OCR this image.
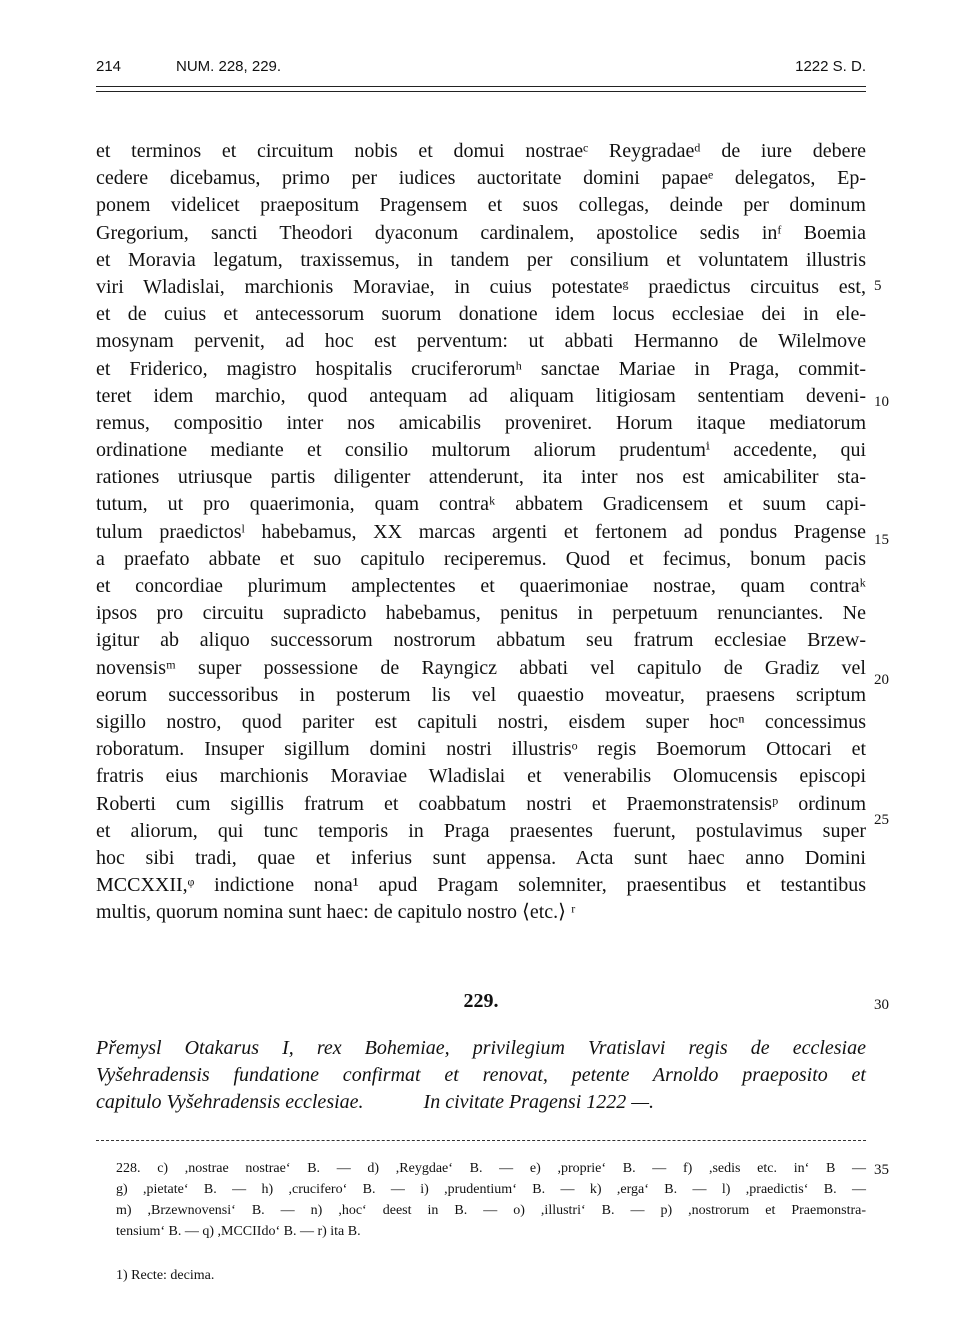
214	NUM. 228, 229.	1222 S. D.
et terminos et circuitum nobis et domui nostraeᶜ Reygradaeᵈ de iure debere
cedere dicebamus, primo per iudices auctoritate domini papaeᵉ delegatos, Ep-
ponem videlicet praepositum Pragensem et suos collegas, deinde per dominum
Gregorium, sancti Theodori dyaconum cardinalem, apostolice sedis inᶠ Boemia
et Moravia legatum, traxissemus, in tandem per consilium et voluntatem illustris
viri Wladislai, marchionis Moraviae, in cuius potestateᵍ praedictus circuitus est,
et de cuius et antecessorum suorum donatione idem locus ecclesiae dei in ele-
mosynam pervenit, ad hoc est perventum: ut abbati Hermanno de Wilelmove
et Friderico, magistro hospitalis cruciferorumʰ sanctae Mariae in Praga, commit-
teret idem marchio, quod antequam ad aliquam litigiosam sententiam deveni-
remus, compositio inter nos amicabilis proveniret. Horum itaque mediatorum
ordinatione mediante et consilio multorum aliorum prudentumⁱ accedente, qui
rationes utriusque partis diligenter attenderunt, ita inter nos est amicabiliter sta-
tutum, ut pro quaerimonia, quam contraᵏ abbatem Gradicensem et suum capi-
tulum praedictosˡ habebamus, XX marcas argenti et fertonem ad pondus Pragense
a praefato abbate et suo capitulo reciperemus. Quod et fecimus, bonum pacis
et concordiae plurimum amplectentes et quaerimoniae nostrae, quam contraᵏ
ipsos pro circuitu supradicto habebamus, penitus in perpetuum renunciantes. Ne
igitur ab aliquo successorum nostrorum abbatum seu fratrum ecclesiae Brzew-
novensisᵐ super possessione de Rayngicz abbati vel capitulo de Gradiz vel
eorum successoribus in posterum lis vel quaestio moveatur, praesens scriptum
sigillo nostro, quod pariter est capituli nostri, eisdem super hocⁿ concessimus
roboratum. Insuper sigillum domini nostri illustrisᵒ regis Boemorum Ottocari et
fratris eius marchionis Moraviae Wladislai et venerabilis Olomucensis episcopi
Roberti cum sigillis fratrum et coabbatum nostri et Praemonstratensisᵖ ordinum
et aliorum, qui tunc temporis in Praga praesentes fuerunt, postulavimus super
hoc sibi tradi, quae et inferius sunt appensa. Acta sunt haec anno Domini
MCCXXII,ᵠ indictione nona¹ apud Pragam solemniter, praesentibus et testantibus
multis, quorum nomina sunt haec: de capitulo nostro ⟨etc.⟩ ʳ
5
10
15
20
25
30
35
229.
Přemysl Otakarus I, rex Bohemiae, privilegium Vratislavi regis de ecclesiae
Vyšehradensis fundatione confirmat et renovat, petente Arnoldo praeposito et
capitulo Vyšehradensis ecclesiae.            In civitate Pragensi 1222 —.
228. c) ,nostrae nostrae‘ B. — d) ,Reygdae‘ B. — e) ,proprie‘ B. — f) ,sedis etc. in‘ B —
g) ,pietate‘ B. — h) ,crucifero‘ B. — i) ,prudentium‘ B. — k) ,erga‘ B. — l) ,praedictis‘ B. —
m) ,Brzewnovensi‘ B. — n) ,hoc‘ deest in B. — o) ,illustri‘ B. — p) ,nostrorum et Praemonstra-
tensium‘ B. — q) ,MCCIIdo‘ B. — r) ita B.
1) Recte: decima.
